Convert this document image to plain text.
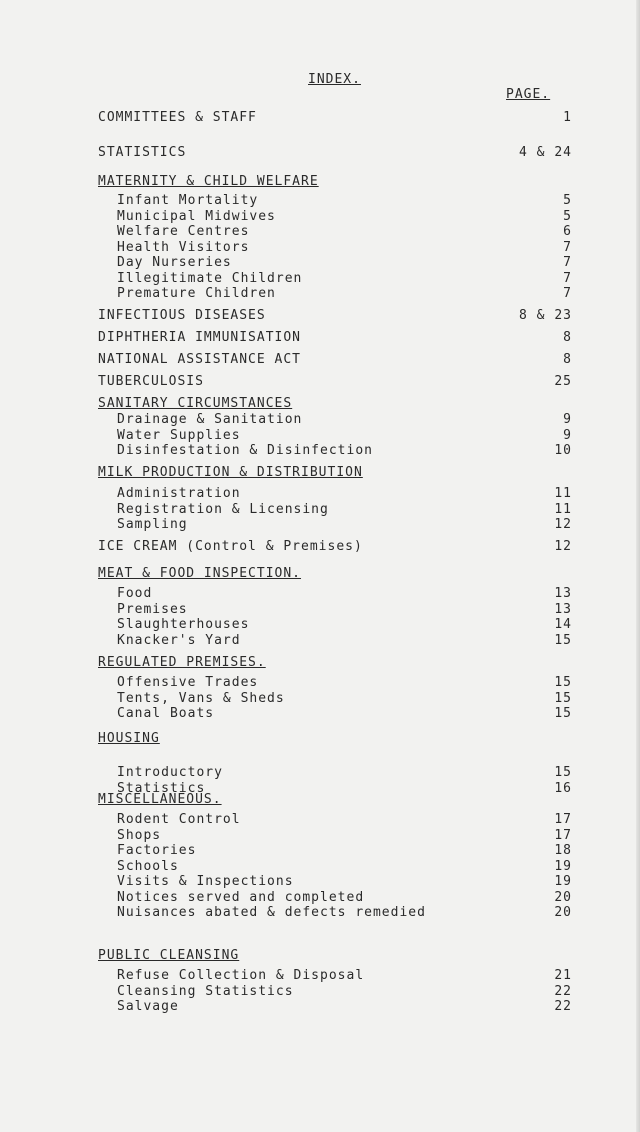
INDEX.
PAGE.
COMMITTEES & STAFF	1
STATISTICS	4 & 24
MATERNITY & CHILD WELFARE
Infant Mortality	5
Municipal Midwives	5
Welfare Centres	6
Health Visitors	7
Day Nurseries	7
Illegitimate Children	7
Premature Children	7
INFECTIOUS DISEASES	8 & 23
DIPHTHERIA IMMUNISATION	8
NATIONAL ASSISTANCE ACT	8
TUBERCULOSIS	25
SANITARY CIRCUMSTANCES
Drainage & Sanitation	9
Water Supplies	9
Disinfestation & Disinfection	10
MILK PRODUCTION & DISTRIBUTION
Administration	11
Registration & Licensing	11
Sampling	12
ICE CREAM (Control & Premises)	12
MEAT & FOOD INSPECTION.
Food	13
Premises	13
Slaughterhouses	14
Knacker's Yard	15
REGULATED PREMISES.
Offensive Trades	15
Tents, Vans & Sheds	15
Canal Boats	15
HOUSING
Introductory	15
Statistics	16
MISCELLANEOUS.
Rodent Control	17
Shops	17
Factories	18
Schools	19
Visits & Inspections	19
Notices served and completed	20
Nuisances abated & defects remedied	20
PUBLIC CLEANSING
Refuse Collection & Disposal	21
Cleansing Statistics	22
Salvage	22
